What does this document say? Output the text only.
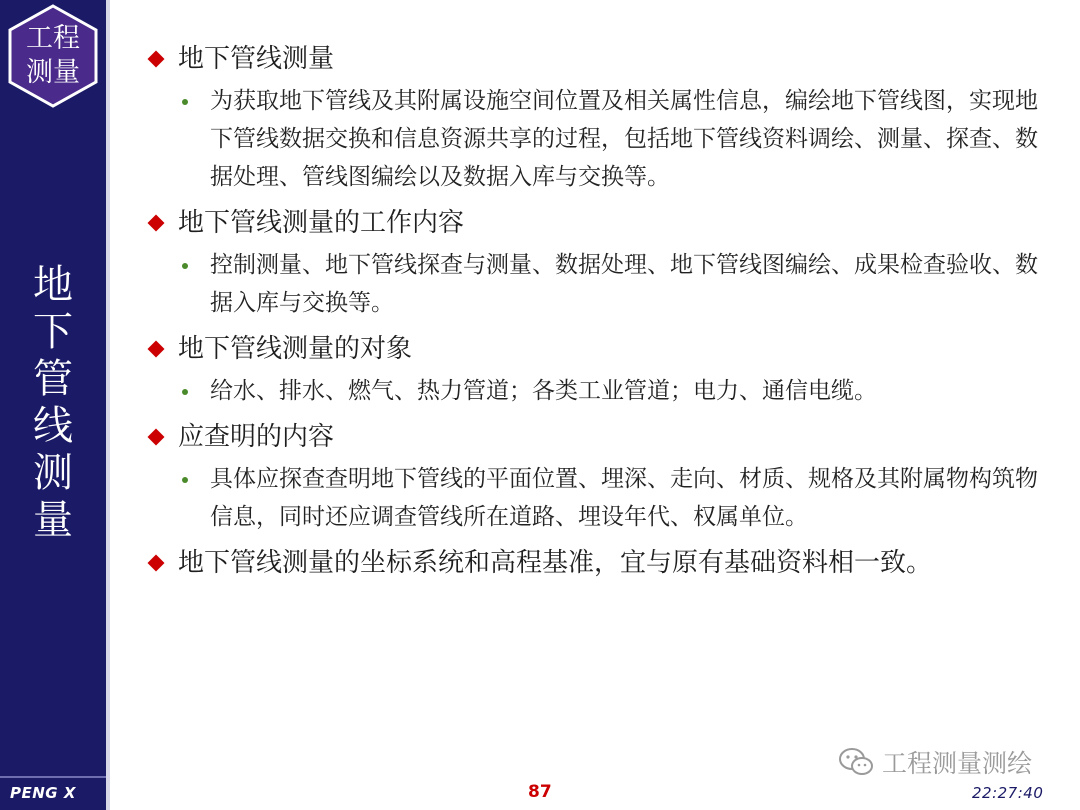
工程
测量
地
下
管
线
测
量
PENG X
地下管线测量
为获取地下管线及其附属设施空间位置及相关属性信息，编绘地下管线图，实现地下管线数据交换和信息资源共享的过程，包括地下管线资料调绘、测量、探查、数据处理、管线图编绘以及数据入库与交换等。
地下管线测量的工作内容
控制测量、地下管线探查与测量、数据处理、地下管线图编绘、成果检查验收、数据入库与交换等。
地下管线测量的对象
给水、排水、燃气、热力管道；各类工业管道；电力、通信电缆。
应查明的内容
具体应探查查明地下管线的平面位置、埋深、走向、材质、规格及其附属物构筑物信息，同时还应调查管线所在道路、埋设年代、权属单位。
地下管线测量的坐标系统和高程基准，宜与原有基础资料相一致。
工程测量测绘
87	22:27:40
